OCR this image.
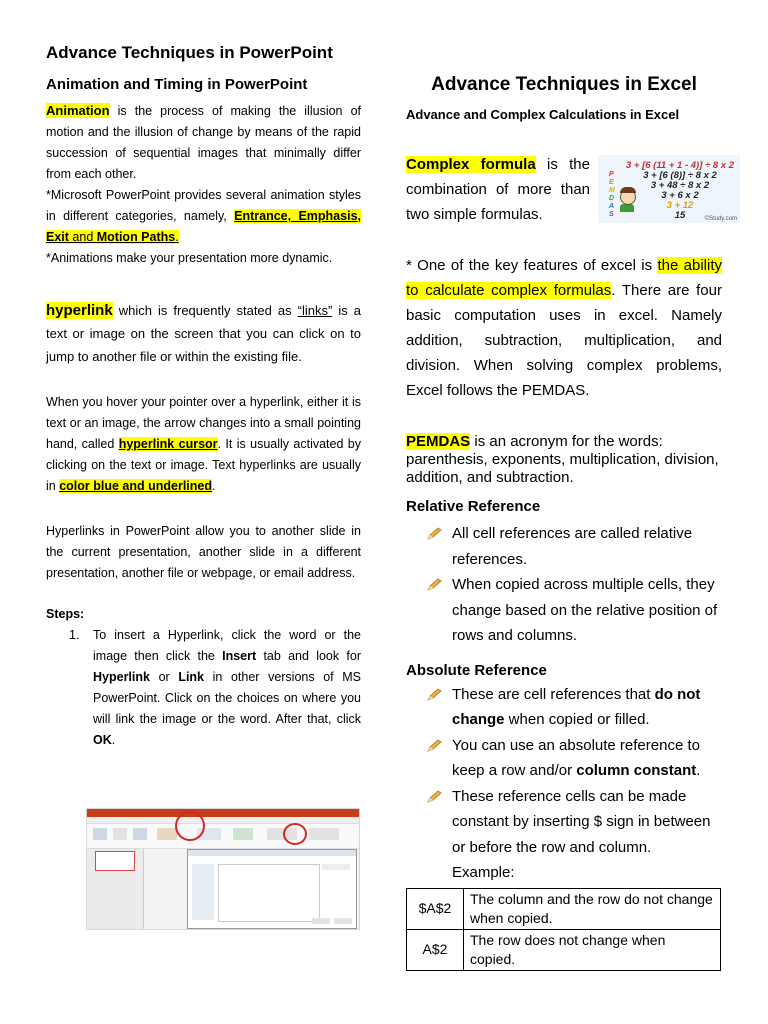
Advance Techniques in PowerPoint

Animation and Timing in PowerPoint

Animation is the process of making the illusion of motion and the illusion of change by means of the rapid succession of sequential images that minimally differ from each other.

*Microsoft PowerPoint provides several animation styles in different categories, namely, Entrance, Emphasis, Exit and Motion Paths.

*Animations make your presentation more dynamic.

hyperlink which is frequently stated as “links” is a text or image on the screen that you can click on to jump to another file or within the existing file.

When you hover your pointer over a hyperlink, either it is text or an image, the arrow changes into a small pointing hand, called hyperlink cursor. It is usually activated by clicking on the text or image. Text hyperlinks are usually in color blue and underlined.

Hyperlinks in PowerPoint allow you to another slide in the current presentation, another slide in a different presentation, another file or webpage, or email address.

Steps:

1. To insert a Hyperlink, click the word or the image then click the Insert tab and look for Hyperlink or Link in other versions of MS PowerPoint. Click on the choices on where you will link the image or the word. After that, click OK.

Advance Techniques in Excel

Advance and Complex Calculations in Excel

Complex formula is the combination of more than two simple formulas.

* One of the key features of excel is the ability to calculate complex formulas. There are four basic computation uses in excel. Namely addition, subtraction, multiplication, and division. When solving complex problems, Excel follows the PEMDAS.

PEMDAS is an acronym for the words: parenthesis, exponents, multiplication, division, addition, and subtraction.

Relative Reference

All cell references are called relative references.
When copied across multiple cells, they change based on the relative position of rows and columns.

Absolute Reference

These are cell references that do not change when copied or filled.
You can use an absolute reference to keep a row and/or column constant.
These reference cells can be made constant by inserting $ sign in between or before the row and column.
Example:
$A$2	The column and the row do not change when copied.
A$2	The row does not change when copied.
P
E
M
D
A
S
3 + [6 (11 + 1 - 4)] ÷ 8 x 2
3 + [6 (8)] ÷ 8 x 2
3 + 48 ÷ 8 x 2
3 + 6 x 2
3 + 12
15	©Study.com
